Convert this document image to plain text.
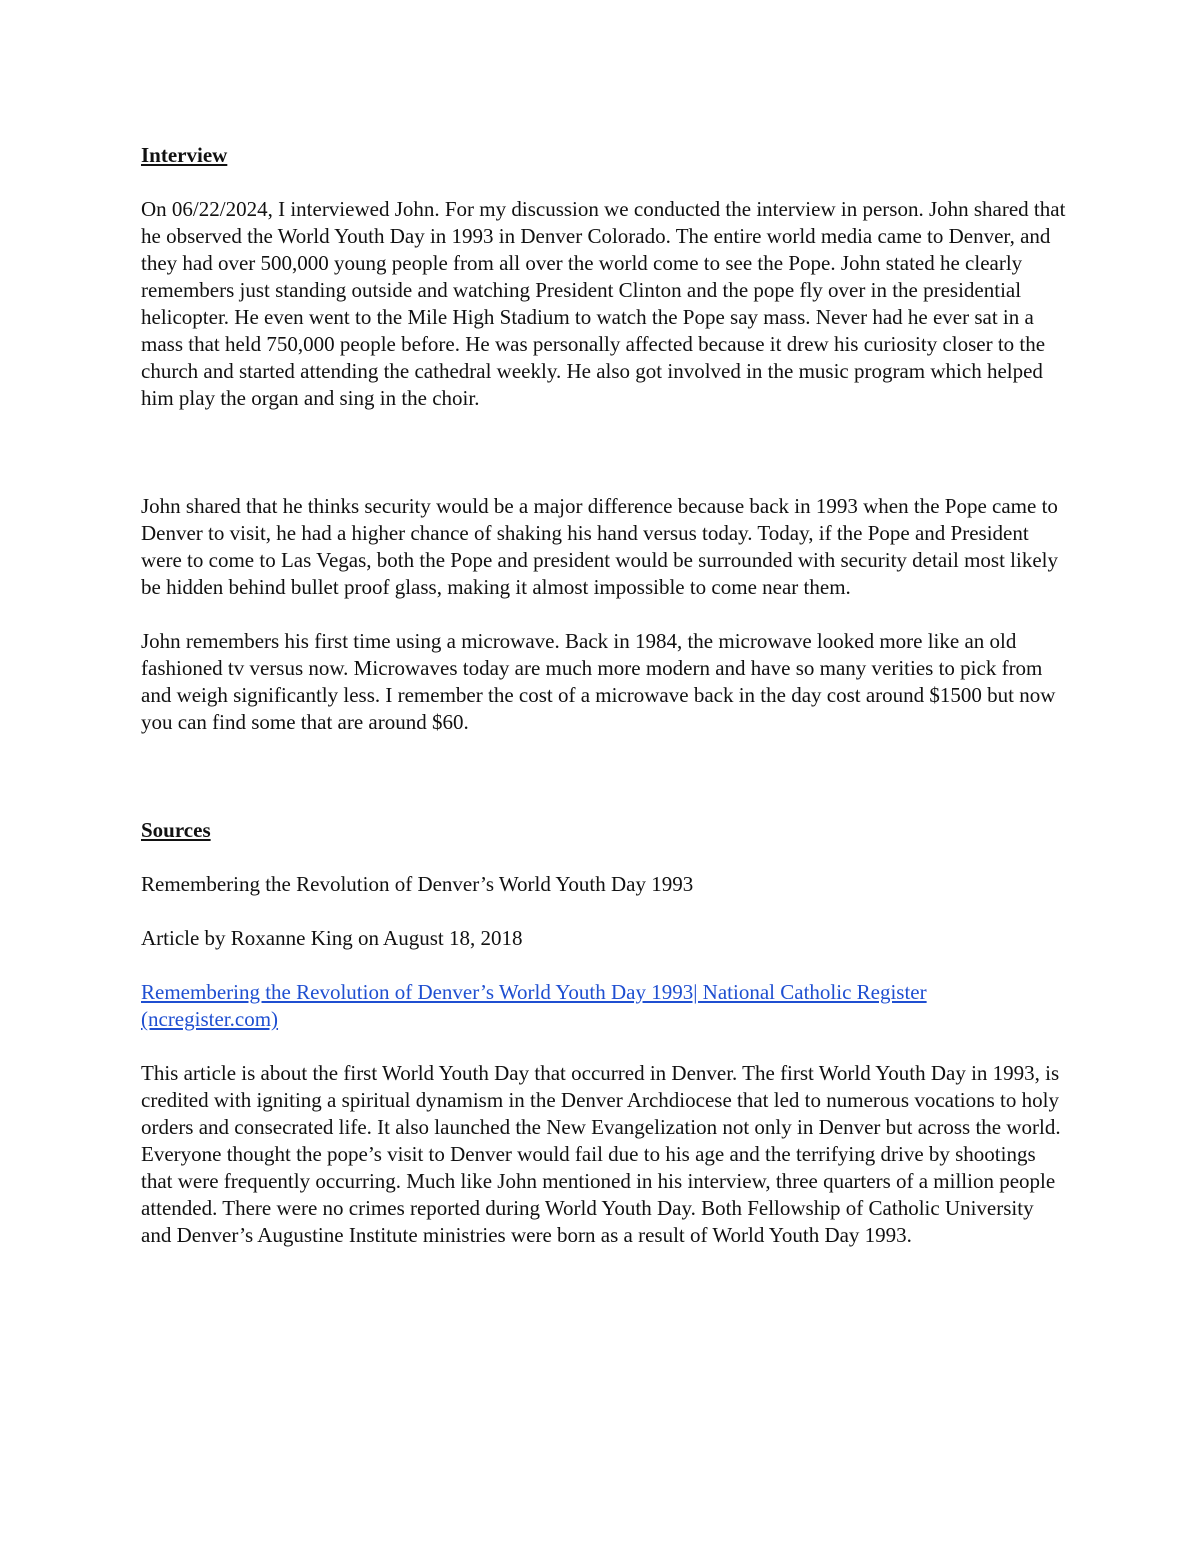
Interview

On 06/22/2024, I interviewed John. For my discussion we conducted the interview in person. John shared that he observed the World Youth Day in 1993 in Denver Colorado. The entire world media came to Denver, and they had over 500,000 young people from all over the world come to see the Pope. John stated he clearly remembers just standing outside and watching President Clinton and the pope fly over in the presidential helicopter. He even went to the Mile High Stadium to watch the Pope say mass. Never had he ever sat in a mass that held 750,000 people before. He was personally affected because it drew his curiosity closer to the church and started attending the cathedral weekly. He also got involved in the music program which helped him play the organ and sing in the choir.

John shared that he thinks security would be a major difference because back in 1993 when the Pope came to Denver to visit, he had a higher chance of shaking his hand versus today. Today, if the Pope and President were to come to Las Vegas, both the Pope and president would be surrounded with security detail most likely be hidden behind bullet proof glass, making it almost impossible to come near them.

John remembers his first time using a microwave. Back in 1984, the microwave looked more like an old fashioned tv versus now. Microwaves today are much more modern and have so many verities to pick from and weigh significantly less. I remember the cost of a microwave back in the day cost around $1500 but now you can find some that are around $60.

Sources

Remembering the Revolution of Denver’s World Youth Day 1993

Article by Roxanne King on August 18, 2018

Remembering the Revolution of Denver’s World Youth Day 1993| National Catholic Register (ncregister.com)

This article is about the first World Youth Day that occurred in Denver. The first World Youth Day in 1993, is credited with igniting a spiritual dynamism in the Denver Archdiocese that led to numerous vocations to holy orders and consecrated life. It also launched the New Evangelization not only in Denver but across the world. Everyone thought the pope’s visit to Denver would fail due to his age and the terrifying drive by shootings that were frequently occurring. Much like John mentioned in his interview, three quarters of a million people attended. There were no crimes reported during World Youth Day. Both Fellowship of Catholic University and Denver’s Augustine Institute ministries were born as a result of World Youth Day 1993.
